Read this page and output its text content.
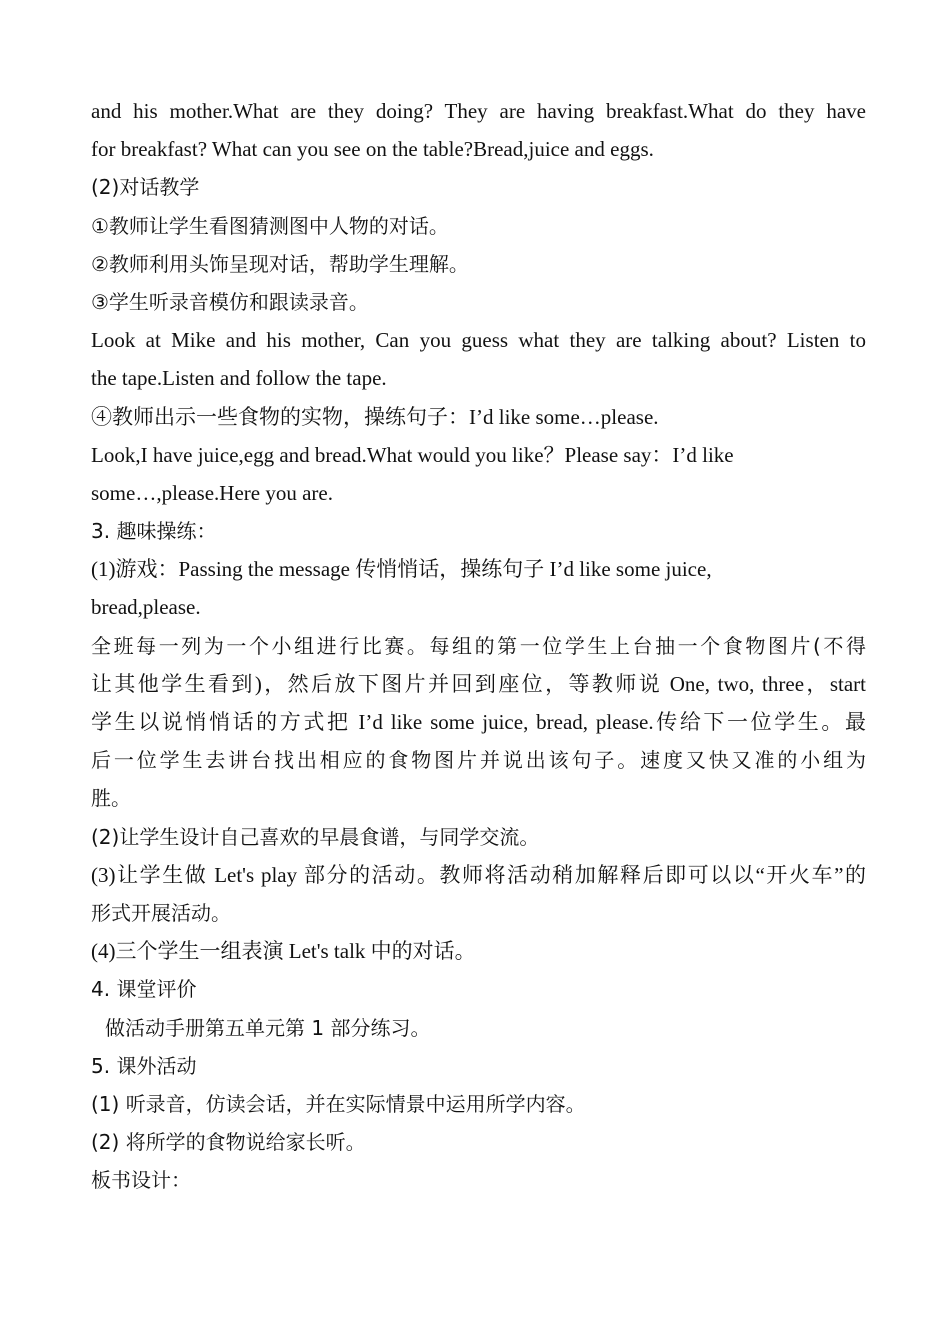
and his mother.What are they doing? They are having breakfast.What do they have

for breakfast? What can you see on the table?Bread,juice and eggs.

(2)对话教学

①教师让学生看图猜测图中人物的对话。

②教师利用头饰呈现对话，帮助学生理解。

③学生听录音模仿和跟读录音。

Look at Mike and his mother, Can you guess what they are talking about? Listen to

the tape.Listen and follow the tape.

④教师出示一些食物的实物，操练句子：I’d like some…please.

Look,I have juice,egg and bread.What would you like？Please say：I’d like

some…,please.Here you are.

3. 趣味操练：

(1)游戏：Passing the message 传悄悄话，操练句子 I’d like some juice,

bread,please.

全班每一列为一个小组进行比赛。每组的第一位学生上台抽一个食物图片(不得

让其他学生看到)，然后放下图片并回到座位，等教师说 One, two, three，start

学生以说悄悄话的方式把 I’d like some juice, bread, please.传给下一位学生。最

后一位学生去讲台找出相应的食物图片并说出该句子。速度又快又准的小组为

胜。

(2)让学生设计自己喜欢的早晨食谱，与同学交流。

(3)让学生做 Let's play 部分的活动。教师将活动稍加解释后即可以以“开火车”的

形式开展活动。

(4)三个学生一组表演 Let's talk 中的对话。

4. 课堂评价

做活动手册第五单元第 1 部分练习。

5. 课外活动

(1) 听录音，仿读会话，并在实际情景中运用所学内容。

(2) 将所学的食物说给家长听。

板书设计：
